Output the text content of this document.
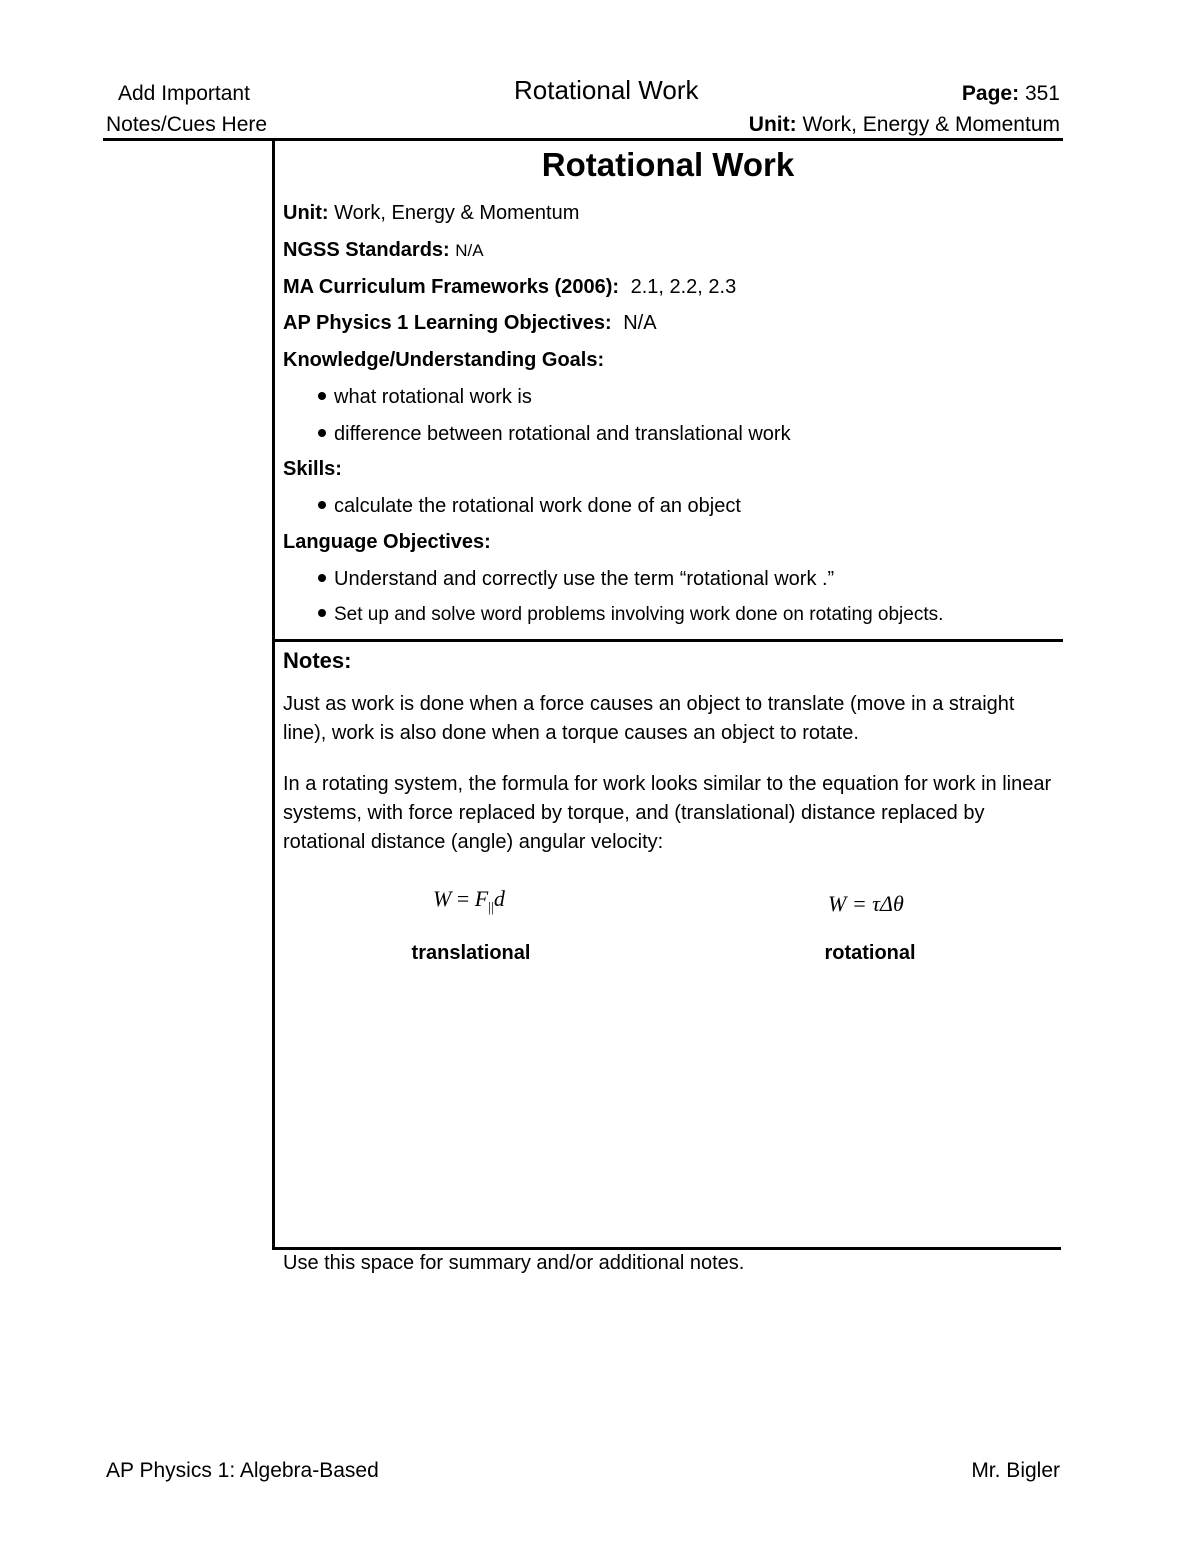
Add Important
Notes/Cues Here
Rotational Work	Page: 351
Unit: Work, Energy & Momentum
Rotational Work
Unit: Work, Energy & Momentum
NGSS Standards: N/A
MA Curriculum Frameworks (2006): 2.1, 2.2, 2.3
AP Physics 1 Learning Objectives: N/A
Knowledge/Understanding Goals:
what rotational work is
difference between rotational and translational work
Skills:
calculate the rotational work done of an object
Language Objectives:
Understand and correctly use the term “rotational work .”
Set up and solve word problems involving work done on rotating objects.
Notes:
Just as work is done when a force causes an object to translate (move in a straight line), work is also done when a torque causes an object to rotate.
In a rotating system, the formula for work looks similar to the equation for work in linear systems, with force replaced by torque, and (translational) distance replaced by rotational distance (angle) angular velocity:
$W = F_{||}d$
translational
W = τΔθ
rotational
Use this space for summary and/or additional notes.
AP Physics 1: Algebra-Based	Mr. Bigler
